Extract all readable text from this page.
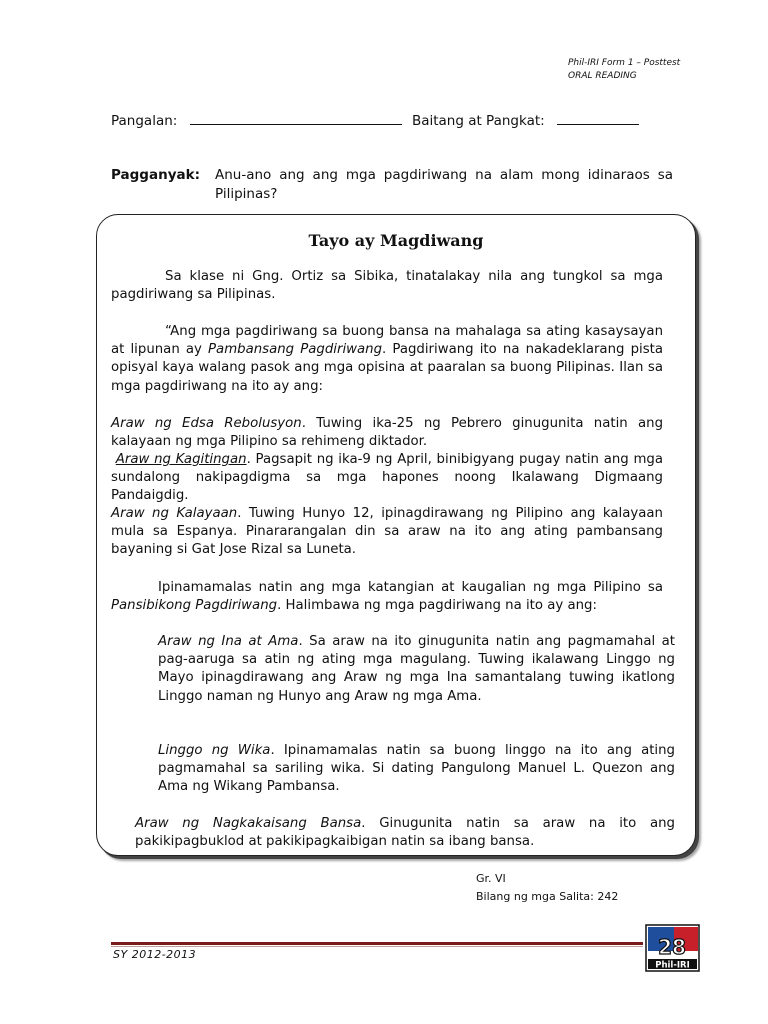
Phil-IRI Form 1 – Posttest
ORAL READING
Pangalan:	Baitang at Pangkat:
Pagganyak: Anu-ano ang ang mga pagdiriwang na alam mong idinaraos sa Pilipinas?
Tayo ay Magdiwang
Sa klase ni Gng. Ortiz sa Sibika, tinatalakay nila ang tungkol sa mga pagdiriwang sa Pilipinas.
“Ang mga pagdiriwang sa buong bansa na mahalaga sa ating kasaysayan at lipunan ay Pambansang Pagdiriwang. Pagdiriwang ito na nakadeklarang pista opisyal kaya walang pasok ang mga opisina at paaralan sa buong Pilipinas. Ilan sa mga pagdiriwang na ito ay ang:
Araw ng Edsa Rebolusyon. Tuwing ika-25 ng Pebrero ginugunita natin ang kalayaan ng mga Pilipino sa rehimeng diktador.
Araw ng Kagitingan. Pagsapit ng ika-9 ng April, binibigyang pugay natin ang mga sundalong nakipagdigma sa mga hapones noong Ikalawang Digmaang Pandaigdig.
Araw ng Kalayaan. Tuwing Hunyo 12, ipinagdirawang ng Pilipino ang kalayaan mula sa Espanya. Pinararangalan din sa araw na ito ang ating pambansang bayaning si Gat Jose Rizal sa Luneta.
Ipinamamalas natin ang mga katangian at kaugalian ng mga Pilipino sa Pansibikong Pagdiriwang. Halimbawa ng mga pagdiriwang na ito ay ang:
Araw ng Ina at Ama. Sa araw na ito ginugunita natin ang pagmamahal at pag-aaruga sa atin ng ating mga magulang. Tuwing ikalawang Linggo ng Mayo ipinagdirawang ang Araw ng mga Ina samantalang tuwing ikatlong Linggo naman ng Hunyo ang Araw ng mga Ama.
Linggo ng Wika. Ipinamamalas natin sa buong linggo na ito ang ating pagmamahal sa sariling wika. Si dating Pangulong Manuel L. Quezon ang Ama ng Wikang Pambansa.
Araw ng Nagkakaisang Bansa. Ginugunita natin sa araw na ito ang pakikipagbuklod at pakikipagkaibigan natin sa ibang bansa.
Gr. VI
Bilang ng mga Salita: 242
SY 2012-2013	28
Phil-IRI
